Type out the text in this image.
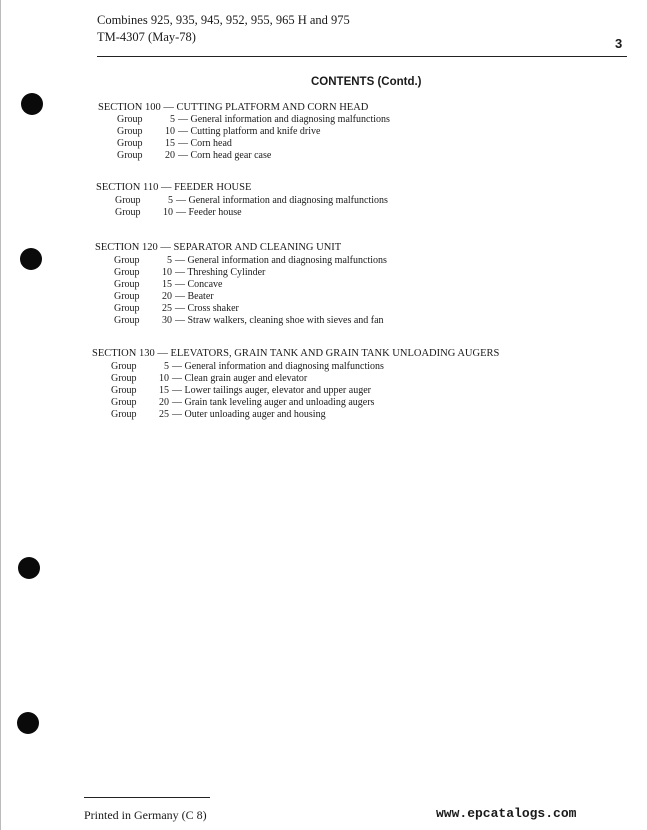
Combines 925, 935, 945, 952, 955, 965 H and 975
TM-4307 (May-78)	3
CONTENTS (Contd.)
SECTION 100 — CUTTING PLATFORM AND CORN HEAD
Group	5 — General information and diagnosing malfunctions
Group 10 — Cutting platform and knife drive
Group 15 — Corn head
Group 20 — Corn head gear case
SECTION 110 — FEEDER HOUSE
Group	5 — General information and diagnosing malfunctions
Group 10 — Feeder house
SECTION 120 — SEPARATOR AND CLEANING UNIT
Group	5 — General information and diagnosing malfunctions
Group 10 — Threshing Cylinder
Group 15 — Concave
Group 20 — Beater
Group 25 — Cross shaker
Group 30 — Straw walkers, cleaning shoe with sieves and fan
SECTION 130 — ELEVATORS, GRAIN TANK AND GRAIN TANK UNLOADING AUGERS
Group	5 — General information and diagnosing malfunctions
Group 10 — Clean grain auger and elevator
Group 15 — Lower tailings auger, elevator and upper auger
Group 20 — Grain tank leveling auger and unloading augers
Group 25 — Outer unloading auger and housing
Printed in Germany (C 8)	www.epcatalogs.com
